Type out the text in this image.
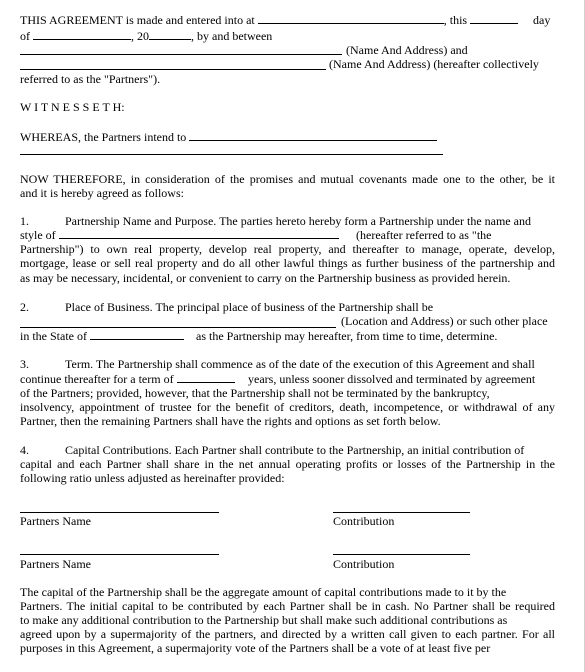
THIS AGREEMENT is made and entered into at	, this	day
of	, 20	, by and between
(Name And Address) and
(Name And Address) (hereafter collectively
referred to as the "Partners").
W I T N E S S E T H:
WHEREAS, the Partners intend to
NOW THEREFORE, in consideration of the promises and mutual covenants made one to the other, be it
and it is hereby agreed as follows:
1.	Partnership Name and Purpose. The parties hereto hereby form a Partnership under the name and
style of	(hereafter referred to as "the
Partnership") to own real property, develop real property, and thereafter to manage, operate, develop,
mortgage, lease or sell real property and do all other lawful things as further business of the partnership and
as may be necessary, incidental, or convenient to carry on the Partnership business as provided herein.
2.	Place of Business. The principal place of business of the Partnership shall be
(Location and Address) or such other place
in the State of	as the Partnership may hereafter, from time to time, determine.
3.	Term. The Partnership shall commence as of the date of the execution of this Agreement and shall
continue thereafter for a term of	years, unless sooner dissolved and terminated by agreement
of the Partners; provided, however, that the Partnership shall not be terminated by the bankruptcy,
insolvency, appointment of trustee for the benefit of creditors, death, incompetence, or withdrawal of any
Partner, then the remaining Partners shall have the rights and options as set forth below.
4.	Capital Contributions. Each Partner shall contribute to the Partnership, an initial contribution of
capital and each Partner shall share in the net annual operating profits or losses of the Partnership in the
following ratio unless adjusted as hereinafter provided:
Partners Name	Contribution
Partners Name	Contribution
The capital of the Partnership shall be the aggregate amount of capital contributions made to it by the
Partners. The initial capital to be contributed by each Partner shall be in cash. No Partner shall be required
to make any additional contribution to the Partnership but shall make such additional contributions as
agreed upon by a supermajority of the partners, and directed by a written call given to each partner. For all
purposes in this Agreement, a supermajority vote of the Partners shall be a vote of at least five per
